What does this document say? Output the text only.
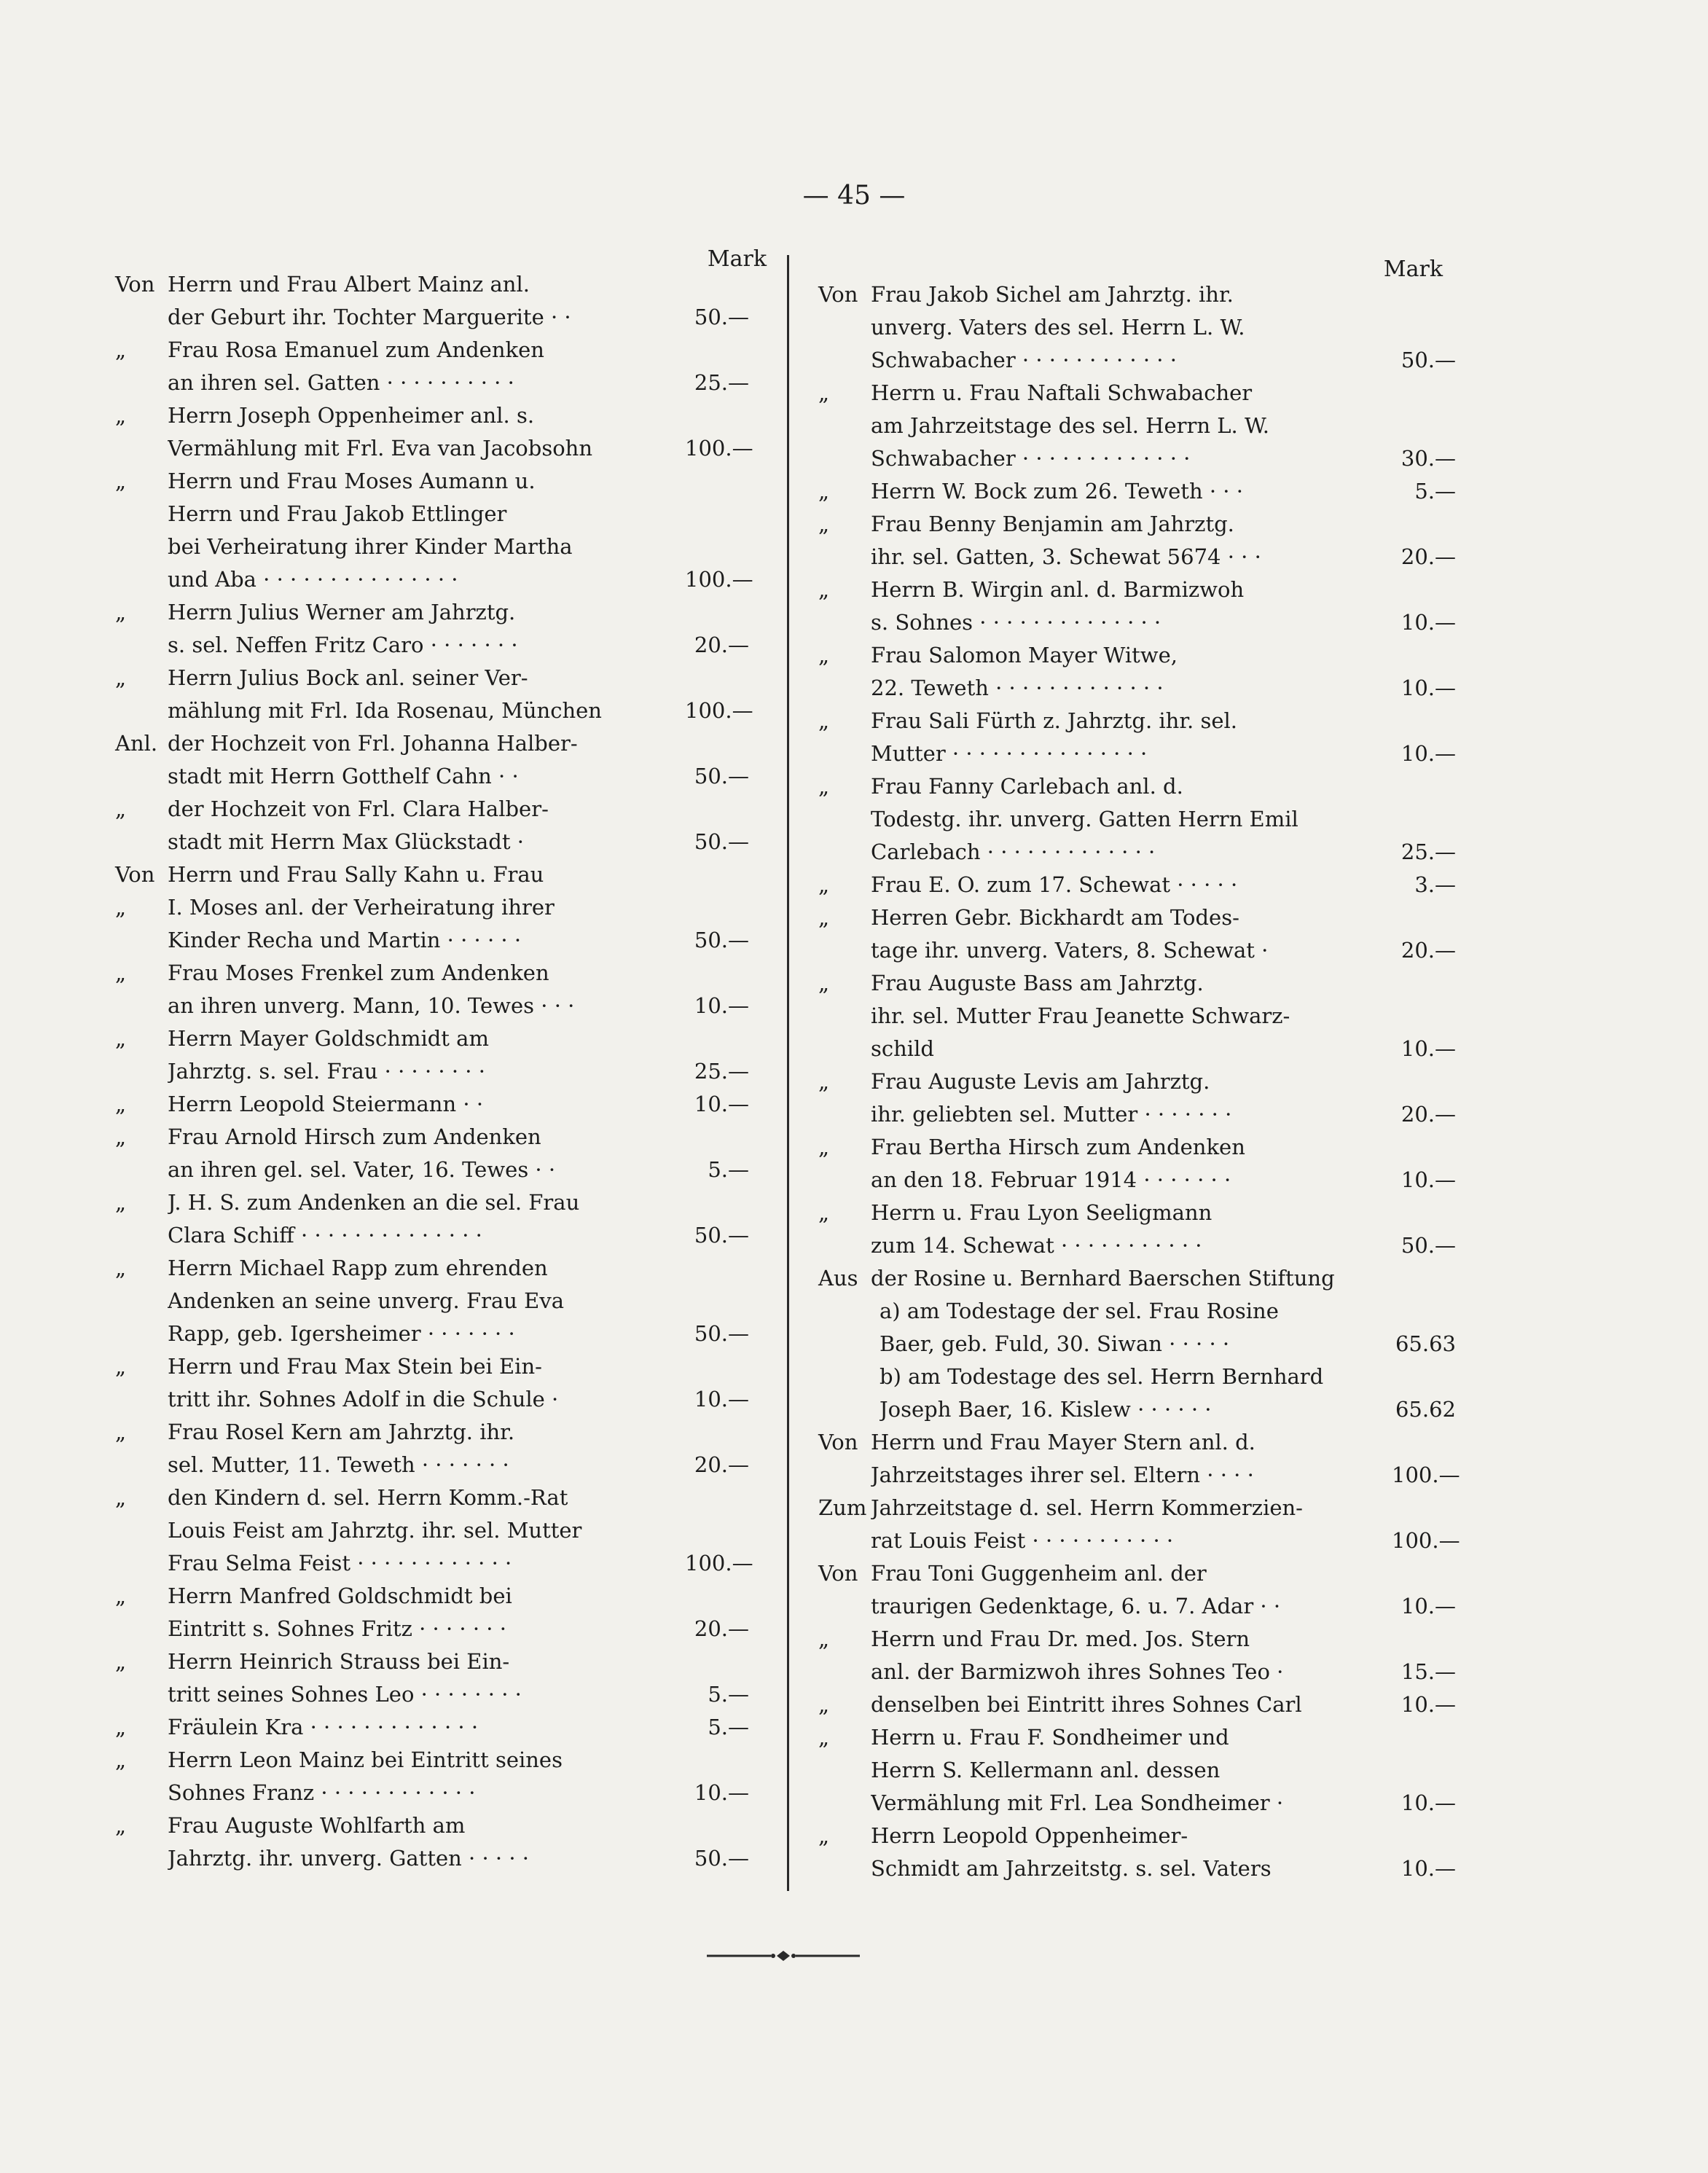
— 45 —
Mark	Mark
Von Herrn und Frau Albert Mainz anl.
der Geburt ihr. Tochter Marguerite · ·	50.—
„	Frau Rosa Emanuel zum Andenken
an ihren sel. Gatten · · · · · · · · · ·	25.—
„	Herrn Joseph Oppenheimer anl. s.
Vermählung mit Frl. Eva van Jacobsohn	100.—
„	Herrn und Frau Moses Aumann u.
Herrn und Frau Jakob Ettlinger
bei Verheiratung ihrer Kinder Martha
und Aba · · · · · · · · · · · · · · ·	100.—
„	Herrn Julius Werner am Jahrztg.
s. sel. Neffen Fritz Caro · · · · · · ·	20.—
„	Herrn Julius Bock anl. seiner Ver-
mählung mit Frl. Ida Rosenau, München	100.—
Anl. der Hochzeit von Frl. Johanna Halber-
stadt mit Herrn Gotthelf Cahn · ·	50.—
„	der Hochzeit von Frl. Clara Halber-
stadt mit Herrn Max Glückstadt ·	50.—
Von Herrn und Frau Sally Kahn u. Frau
„	I. Moses anl. der Verheiratung ihrer
Kinder Recha und Martin · · · · · ·	50.—
„	Frau Moses Frenkel zum Andenken
an ihren unverg. Mann, 10. Tewes · · ·	10.—
„	Herrn Mayer Goldschmidt am
Jahrztg. s. sel. Frau · · · · · · · ·	25.—
„	Herrn Leopold Steiermann · ·	10.—
„	Frau Arnold Hirsch zum Andenken
an ihren gel. sel. Vater, 16. Tewes · ·	5.—
„	J. H. S. zum Andenken an die sel. Frau
Clara Schiff · · · · · · · · · · · · · ·	50.—
„	Herrn Michael Rapp zum ehrenden
Andenken an seine unverg. Frau Eva
Rapp, geb. Igersheimer · · · · · · ·	50.—
„	Herrn und Frau Max Stein bei Ein-
tritt ihr. Sohnes Adolf in die Schule ·	10.—
„	Frau Rosel Kern am Jahrztg. ihr.
sel. Mutter, 11. Teweth · · · · · · ·	20.—
„	den Kindern d. sel. Herrn Komm.-Rat
Louis Feist am Jahrztg. ihr. sel. Mutter
Frau Selma Feist · · · · · · · · · · · ·	100.—
„	Herrn Manfred Goldschmidt bei
Eintritt s. Sohnes Fritz · · · · · · ·	20.—
„	Herrn Heinrich Strauss bei Ein-
tritt seines Sohnes Leo · · · · · · · ·	5.—
„	Fräulein Kra · · · · · · · · · · · · ·	5.—
„	Herrn Leon Mainz bei Eintritt seines
Sohnes Franz · · · · · · · · · · · ·	10.—
„	Frau Auguste Wohlfarth am
Jahrztg. ihr. unverg. Gatten · · · · ·	50.—
Von Frau Jakob Sichel am Jahrztg. ihr.
unverg. Vaters des sel. Herrn L. W.
Schwabacher · · · · · · · · · · · ·	50.—
„	Herrn u. Frau Naftali Schwabacher
am Jahrzeitstage des sel. Herrn L. W.
Schwabacher · · · · · · · · · · · · ·	30.—
„	Herrn W. Bock zum 26. Teweth · · ·	5.—
„	Frau Benny Benjamin am Jahrztg.
ihr. sel. Gatten, 3. Schewat 5674 · · ·	20.—
„	Herrn B. Wirgin anl. d. Barmizwoh
s. Sohnes · · · · · · · · · · · · · ·	10.—
„	Frau Salomon Mayer Witwe,
22. Teweth · · · · · · · · · · · · ·	10.—
„	Frau Sali Fürth z. Jahrztg. ihr. sel.
Mutter · · · · · · · · · · · · · · ·	10.—
„	Frau Fanny Carlebach anl. d.
Todestg. ihr. unverg. Gatten Herrn Emil
Carlebach · · · · · · · · · · · · ·	25.—
„	Frau E. O. zum 17. Schewat · · · · ·	3.—
„	Herren Gebr. Bickhardt am Todes-
tage ihr. unverg. Vaters, 8. Schewat ·	20.—
„	Frau Auguste Bass am Jahrztg.
ihr. sel. Mutter Frau Jeanette Schwarz-
schild	10.—
„	Frau Auguste Levis am Jahrztg.
ihr. geliebten sel. Mutter · · · · · · ·	20.—
„	Frau Bertha Hirsch zum Andenken
an den 18. Februar 1914 · · · · · · ·	10.—
„	Herrn u. Frau Lyon Seeligmann
zum 14. Schewat · · · · · · · · · · ·	50.—
Aus der Rosine u. Bernhard Baerschen Stiftung
a) am Todestage der sel. Frau Rosine
Baer, geb. Fuld, 30. Siwan · · · · ·	65.63
b) am Todestage des sel. Herrn Bernhard
Joseph Baer, 16. Kislew · · · · · ·	65.62
Von Herrn und Frau Mayer Stern anl. d.
Jahrzeitstages ihrer sel. Eltern · · · ·	100.—
Zum Jahrzeitstage d. sel. Herrn Kommerzien-
rat Louis Feist · · · · · · · · · · ·	100.—
Von Frau Toni Guggenheim anl. der
traurigen Gedenktage, 6. u. 7. Adar · ·	10.—
„	Herrn und Frau Dr. med. Jos. Stern
anl. der Barmizwoh ihres Sohnes Teo ·	15.—
„	denselben bei Eintritt ihres Sohnes Carl	10.—
„	Herrn u. Frau F. Sondheimer und
Herrn S. Kellermann anl. dessen
Vermählung mit Frl. Lea Sondheimer ·	10.—
„	Herrn Leopold Oppenheimer-
Schmidt am Jahrzeitstg. s. sel. Vaters	10.—
